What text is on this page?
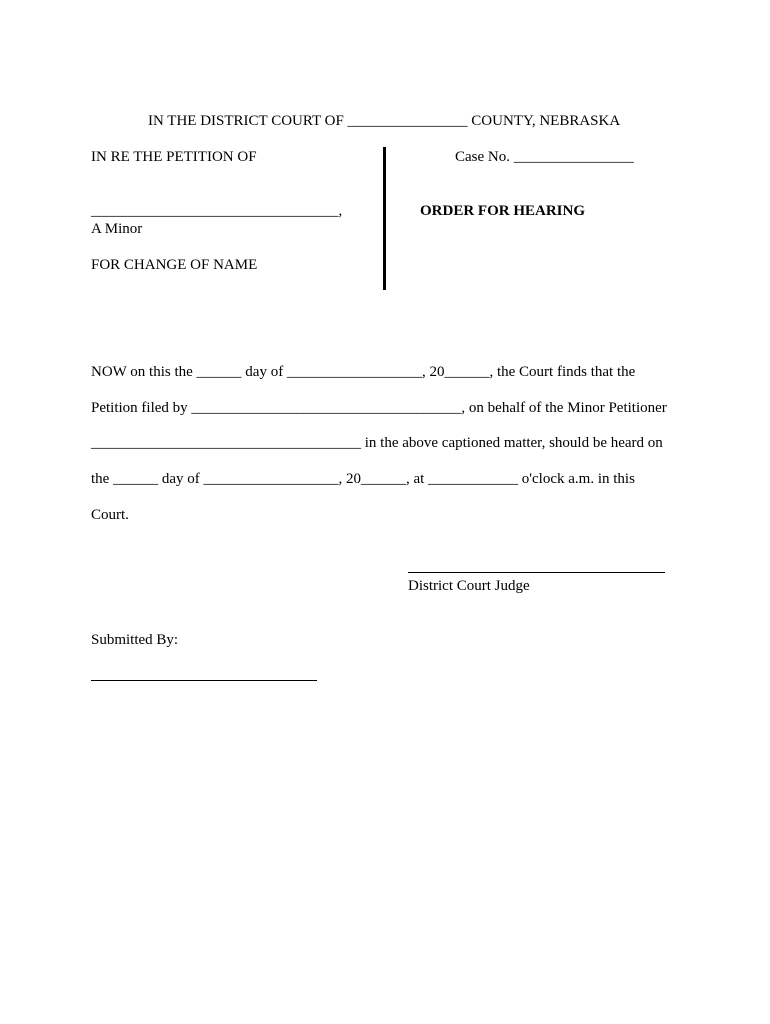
IN THE DISTRICT COURT OF ________________ COUNTY, NEBRASKA
IN RE THE PETITION OF
_________________________________,
A Minor
FOR CHANGE OF NAME
Case No. ________________
ORDER FOR HEARING
NOW on this the ______ day of __________________, 20______, the Court finds that the
Petition filed by ____________________________________, on behalf of the Minor Petitioner
____________________________________ in the above captioned matter, should be heard on
the ______ day of __________________, 20______, at ____________ o'clock a.m. in this
Court.
District Court Judge
Submitted By:
